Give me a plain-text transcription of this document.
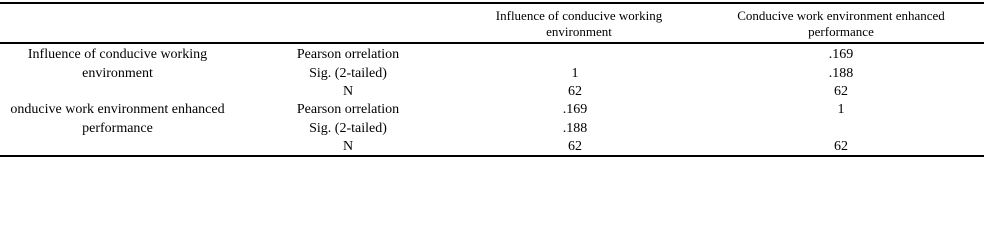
Influence of conducive working
environment
Conducive work environment enhanced
performance
Influence of conducive working
environment
Pearson orrelation
Sig. (2-tailed)
N
1
62
.169
.188
62
onducive work environment enhanced
performance
Pearson orrelation
Sig. (2-tailed)
N
.169
.188
62
1
62
